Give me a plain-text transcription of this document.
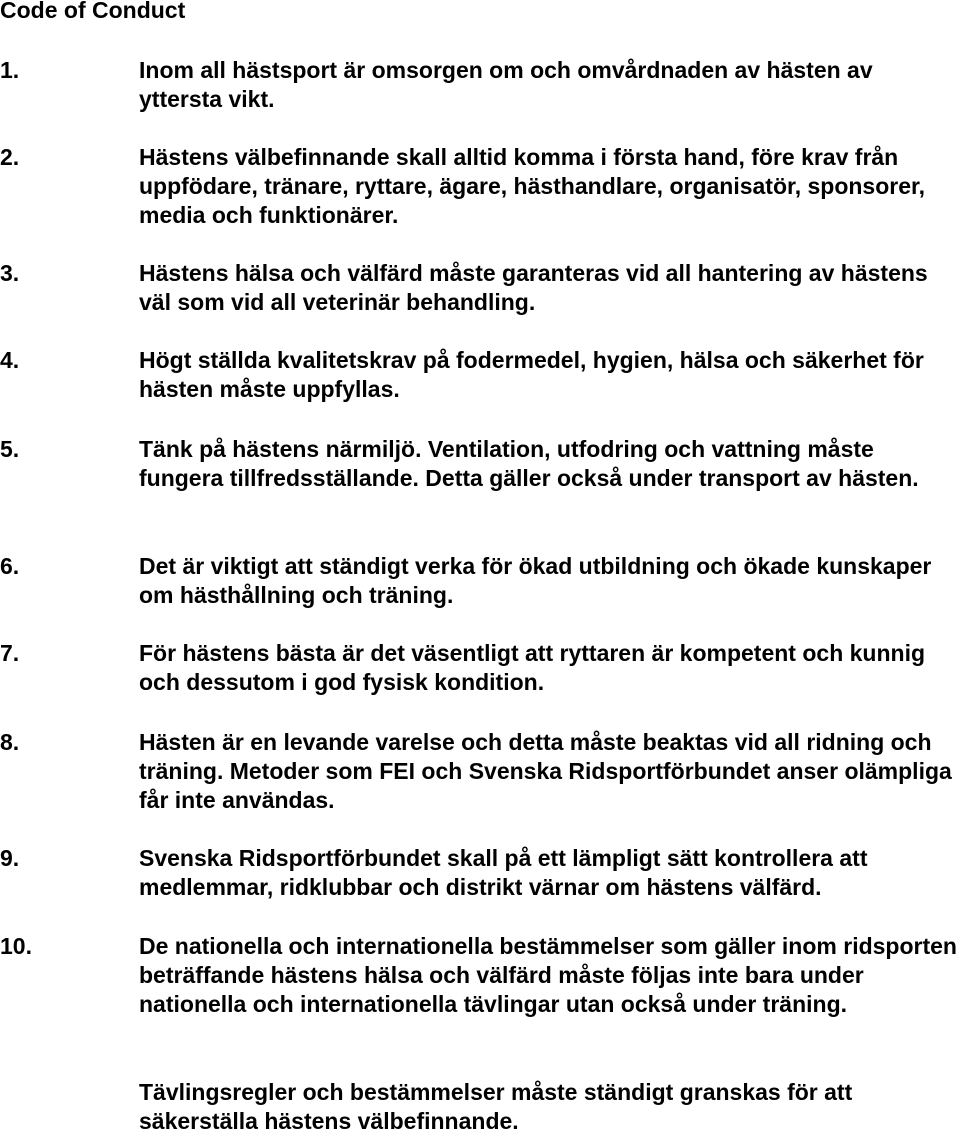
Code of Conduct
1.	Inom all hästsport är omsorgen om och omvårdnaden av hästen av yttersta vikt.
2.	Hästens välbefinnande skall alltid komma i första hand, före krav från uppfödare, tränare, ryttare, ägare, hästhandlare, organisatör, sponsorer, media och funktionärer.
3.	Hästens hälsa och välfärd måste garanteras vid all hantering av hästens väl som vid all veterinär behandling.
4.	Högt ställda kvalitetskrav på fodermedel, hygien, hälsa och säkerhet för hästen måste uppfyllas.
5.	Tänk på hästens närmiljö. Ventilation, utfodring och vattning måste fungera tillfredsställande. Detta gäller också under transport av hästen.
6.	Det är viktigt att ständigt verka för ökad utbildning och ökade kunskaper om hästhållning och träning.
7.	För hästens bästa är det väsentligt att ryttaren är kompetent och kunnig och dessutom i god fysisk kondition.
8.	Hästen är en levande varelse och detta måste beaktas vid all ridning och träning. Metoder som FEI och Svenska Ridsportförbundet anser olämpliga får inte användas.
9.	Svenska Ridsportförbundet skall på ett lämpligt sätt kontrollera att medlemmar, ridklubbar och distrikt värnar om hästens välfärd.
10.	De nationella och internationella bestämmelser som gäller inom ridsporten beträffande hästens hälsa och välfärd måste följas inte bara under nationella och internationella tävlingar utan också under träning.
Tävlingsregler och bestämmelser måste ständigt granskas för att säkerställa hästens välbefinnande.
